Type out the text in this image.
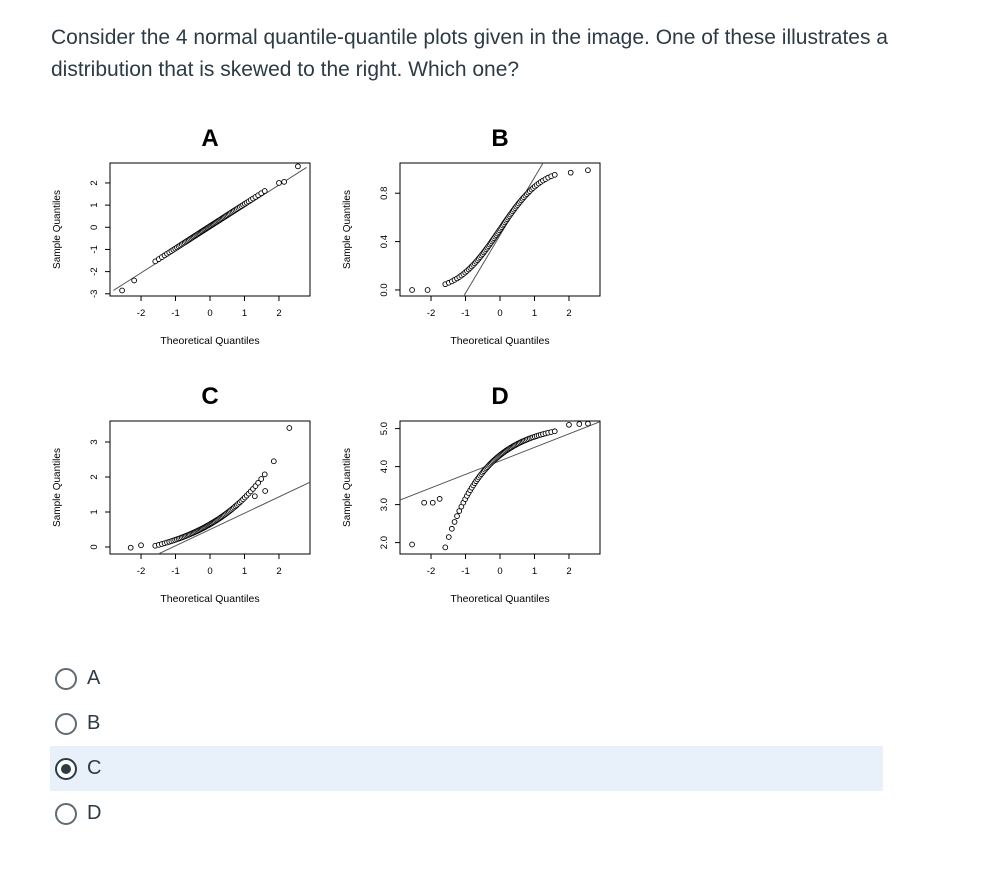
Consider the 4 normal quantile-quantile plots given in the image. One of these illustrates a distribution that is skewed to the right. Which one?

A
-2	-1	0	1	2
-3
-2
-1
0
1
2
Theoretical Quantiles
Sample Quantiles
B
-2	-1	0	1	2
0.0
0.4
0.8
Theoretical Quantiles
Sample Quantiles
C
-2	-1	0	1	2
0
1
2
3
Theoretical Quantiles
Sample Quantiles
D
-2	-1	0	1	2
2.0
3.0
4.0
5.0
Theoretical Quantiles
Sample Quantiles
A
B
C
D
